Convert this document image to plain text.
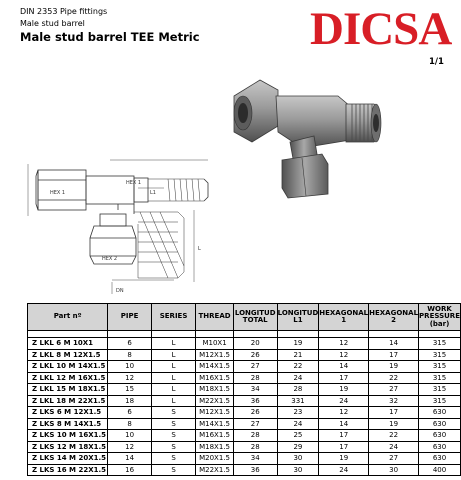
DIN 2353 Pipe fittings
Male stud barrel
Male stud barrel TEE Metric DICSA
1/1
HEX 1
HEX 2
HEX 1
L
L1
DN
Part nº	PIPE	SERIES	THREAD	LONGITUD TOTAL	LONGITUD L1	HEXAGONAL 1	HEXAGONAL 2	WORK PRESSURE (bar)

Z LKL 6 M 10X1	6	L	M10X1	20	19	12	14	315
Z LKL 8 M 12X1.5	8	L	M12X1.5	26	21	12	17	315
Z LKL 10 M 14X1.5	10	L	M14X1.5	27	22	14	19	315
Z LKL 12 M 16X1.5	12	L	M16X1.5	28	24	17	22	315
Z LKL 15 M 18X1.5	15	L	M18X1.5	34	28	19	27	315
Z LKL 18 M 22X1.5	18	L	M22X1.5	36	331	24	32	315
Z LKS 6 M 12X1.5	6	S	M12X1.5	26	23	12	17	630
Z LKS 8 M 14X1.5	8	S	M14X1.5	27	24	14	19	630
Z LKS 10 M 16X1.5	10	S	M16X1.5	28	25	17	22	630
Z LKS 12 M 18X1.5	12	S	M18X1.5	28	29	17	24	630
Z LKS 14 M 20X1.5	14	S	M20X1.5	34	30	19	27	630
Z LKS 16 M 22X1.5	16	S	M22X1.5	36	30	24	30	400
